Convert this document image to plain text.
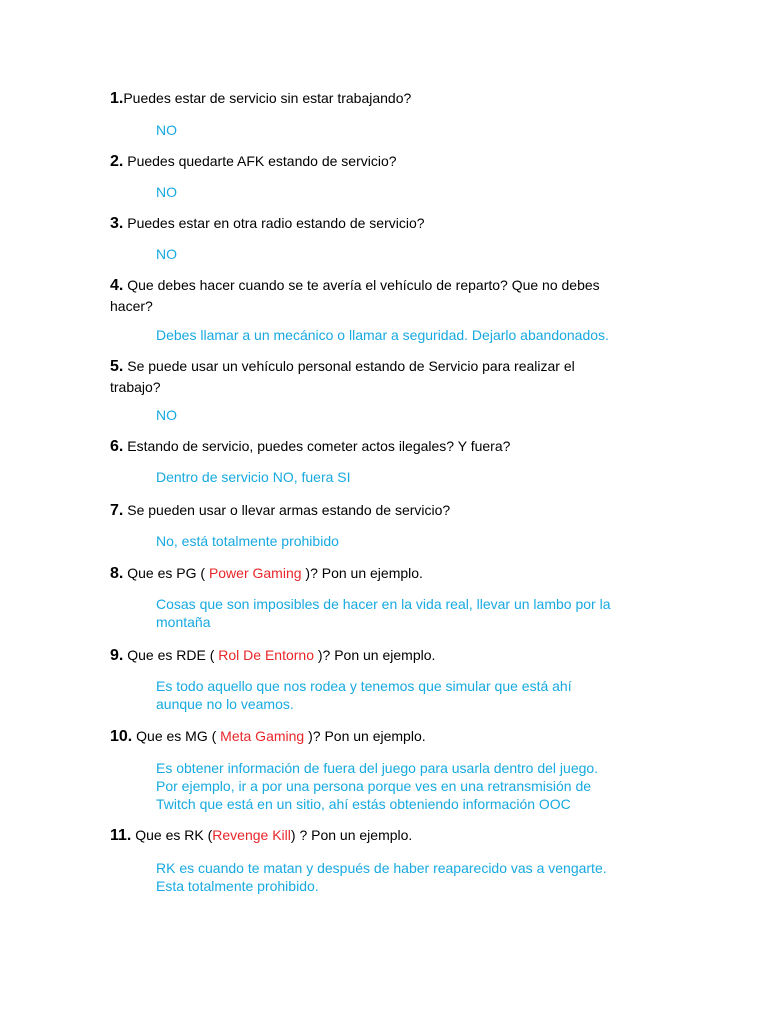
1.Puedes estar de servicio sin estar trabajando?
NO
2. Puedes quedarte AFK estando de servicio?
NO
3. Puedes estar en otra radio estando de servicio?
NO
4. Que debes hacer cuando se te avería el vehículo de reparto? Que no debes
hacer?
Debes llamar a un mecánico o llamar a seguridad. Dejarlo abandonados.
5. Se puede usar un vehículo personal estando de Servicio para realizar el
trabajo?
NO
6. Estando de servicio, puedes cometer actos ilegales? Y fuera?
Dentro de servicio NO, fuera SI
7. Se pueden usar o llevar armas estando de servicio?
No, está totalmente prohibido
8. Que es PG ( Power Gaming )? Pon un ejemplo.
Cosas que son imposibles de hacer en la vida real, llevar un lambo por la
montaña
9. Que es RDE ( Rol De Entorno )? Pon un ejemplo.
Es todo aquello que nos rodea y tenemos que simular que está ahí
aunque no lo veamos.
10. Que es MG ( Meta Gaming )? Pon un ejemplo.
Es obtener información de fuera del juego para usarla dentro del juego.
Por ejemplo, ir a por una persona porque ves en una retransmisión de
Twitch que está en un sitio, ahí estás obteniendo información OOC
11. Que es RK (Revenge Kill) ? Pon un ejemplo.
RK es cuando te matan y después de haber reaparecido vas a vengarte.
Esta totalmente prohibido.
